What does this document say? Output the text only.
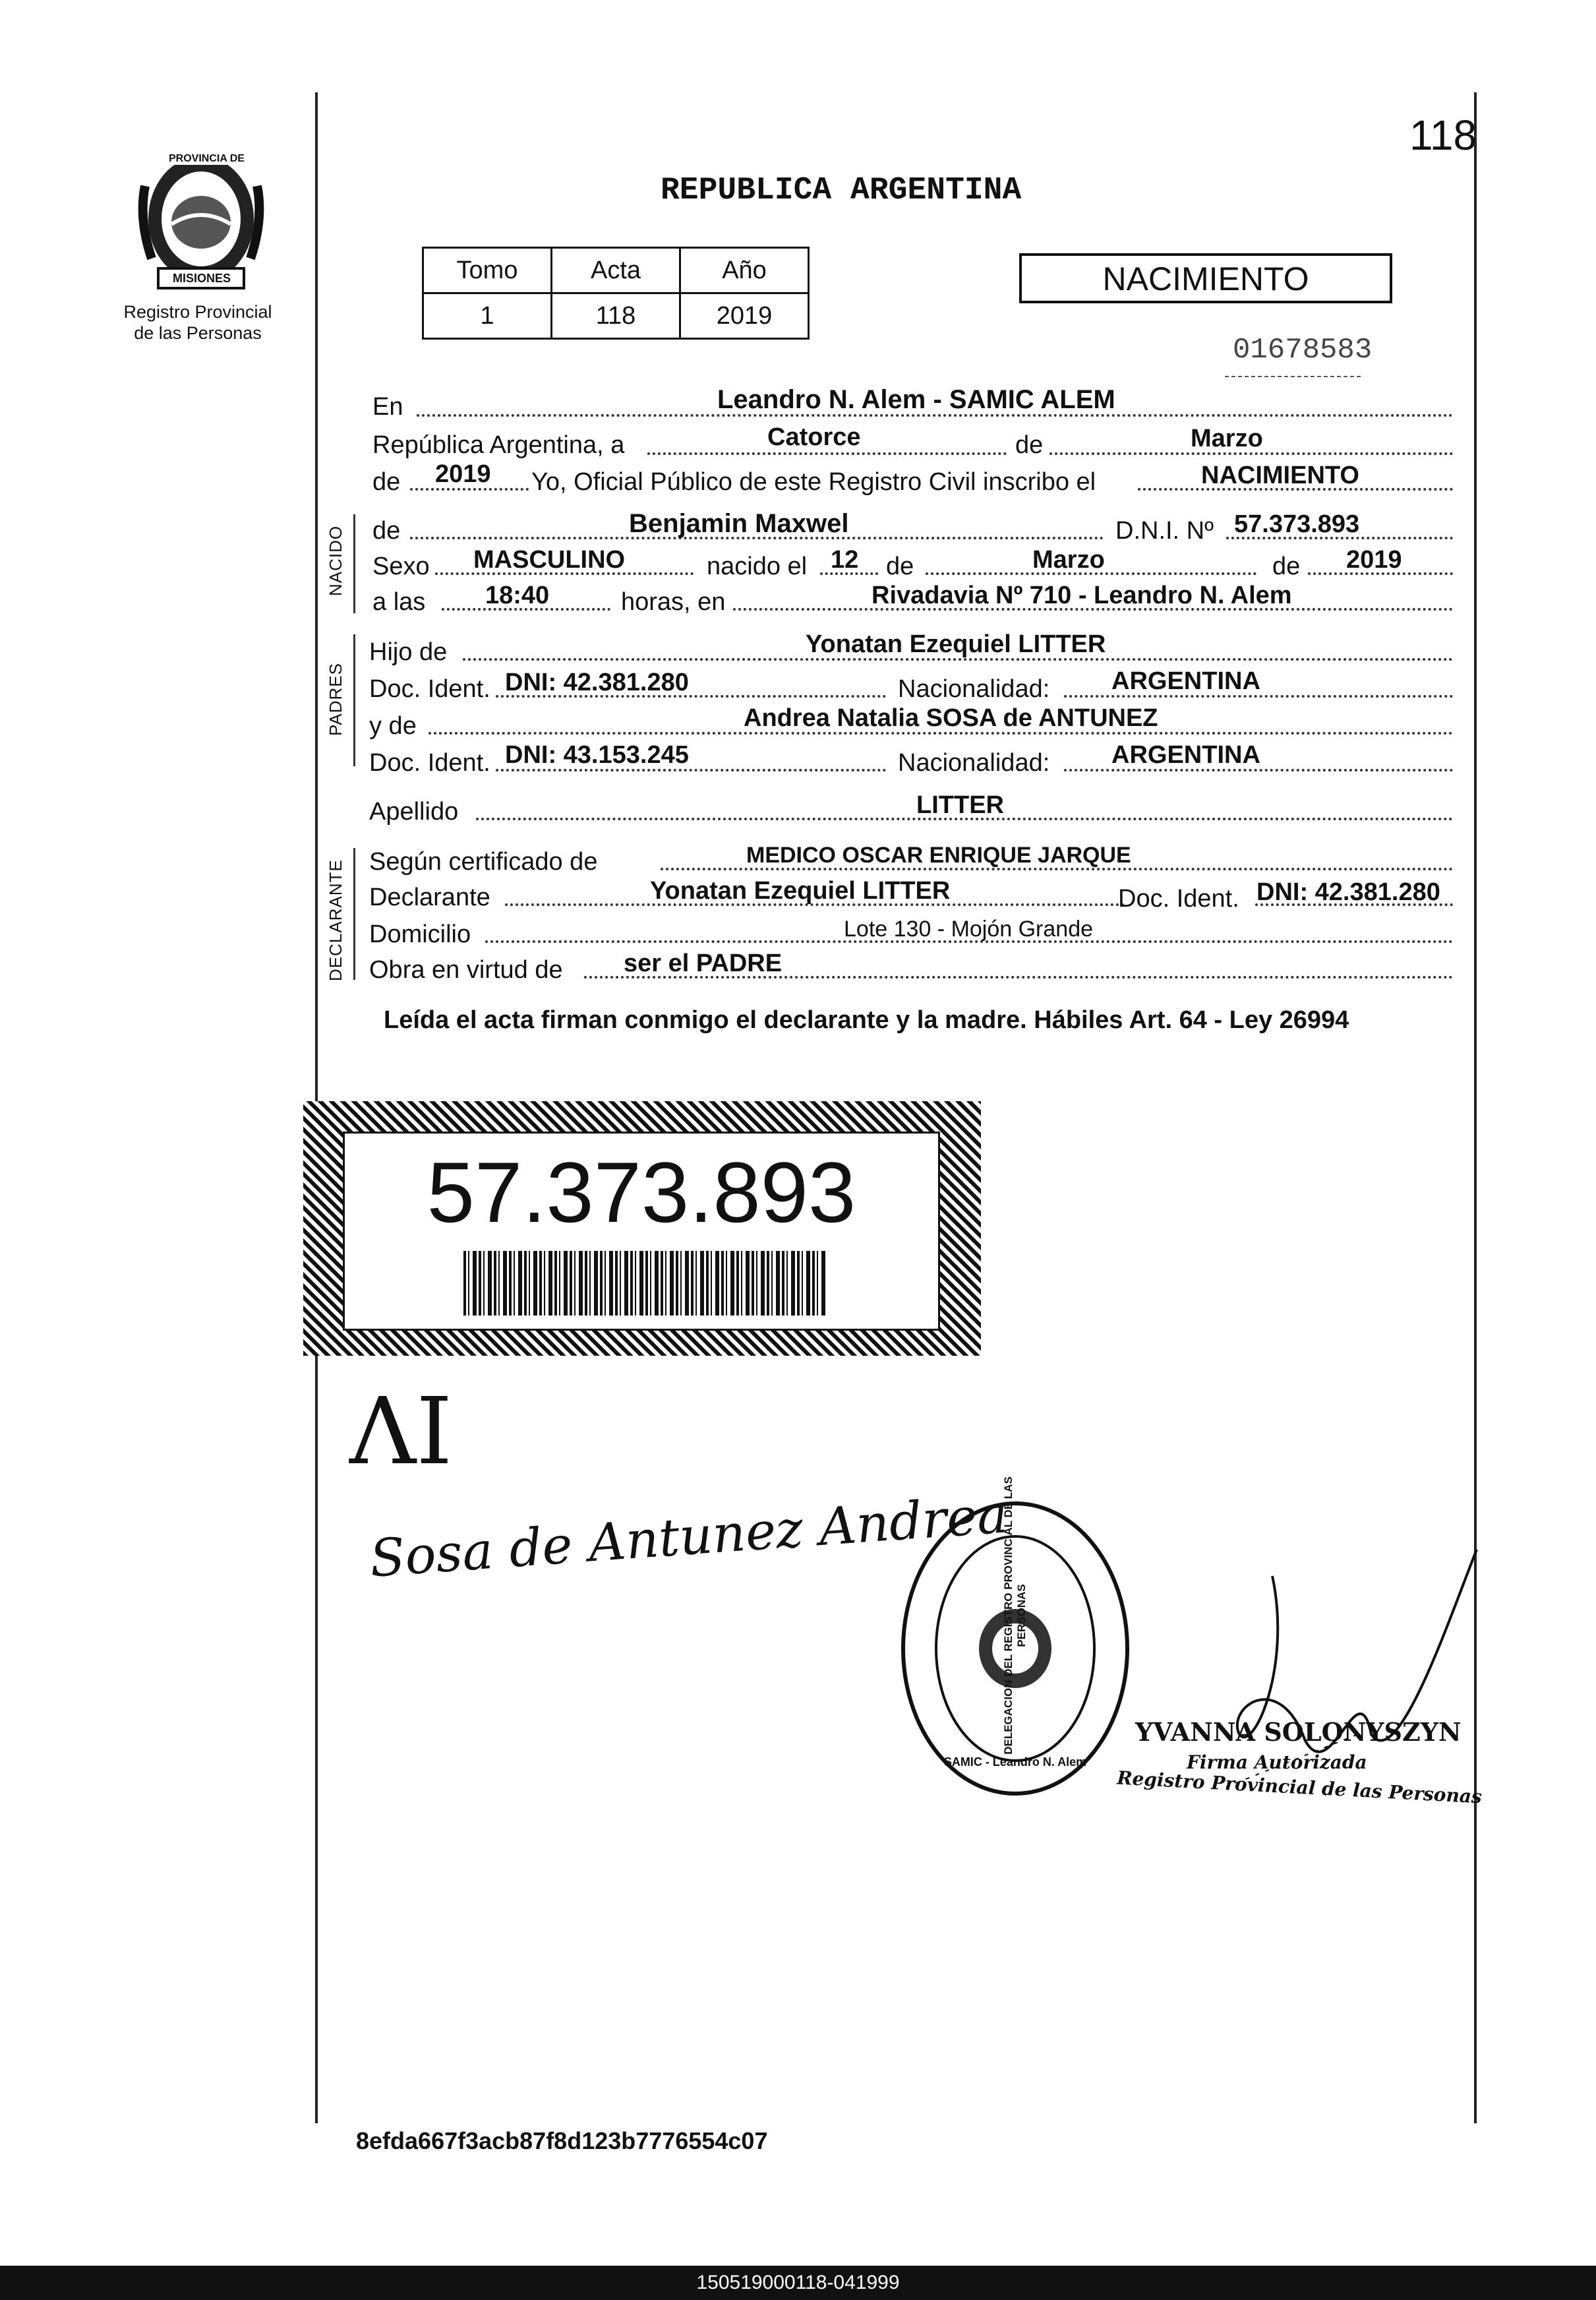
118
MISIONES
PROVINCIA DE
Registro Provincial
de las Personas
REPUBLICA ARGENTINA
Tomo	Acta	Año
1	118	2019
NACIMIENTO
01678583
En	Leandro N. Alem - SAMIC ALEM
República Argentina, a	Catorce	de	Marzo
de 2019 Yo, Oficial Público de este Registro Civil inscribo el	NACIMIENTO
NACIDO de	Benjamin Maxwel	D.N.I. Nº 57.373.893
Sexo MASCULINO	nacido el 12 de	Marzo	de 2019
a las 18:40	horas, en	Rivadavia Nº 710 - Leandro N. Alem
PADRES
Hijo de	Yonatan Ezequiel LITTER
Doc. Ident. DNI: 42.381.280	Nacionalidad: ARGENTINA
y de	Andrea Natalia SOSA de ANTUNEZ
Doc. Ident. DNI: 43.153.245	Nacionalidad: ARGENTINA
Apellido	LITTER
DECLARANTE Según certificado de	MEDICO OSCAR ENRIQUE JARQUE
Declarante	Yonatan Ezequiel LITTER	Doc. Ident. DNI: 42.381.280
Domicilio	Lote 130 - Mojón Grande
Obra en virtud de ser el PADRE
Leída el acta firman conmigo el declarante y la madre. Hábiles Art. 64 - Ley 26994
57.373.893
ɅI
Sosa de Antunez Andrea
DELEGACION DEL REGISTRO PROVINCIAL DE LAS PERSONAS
SAMIC - Leandro N. Alem
YVANNA SOLONYSZYN
Firma Autorizada
Registro Provincial de las Personas
8efda667f3acb87f8d123b7776554c07
150519000118-041999
